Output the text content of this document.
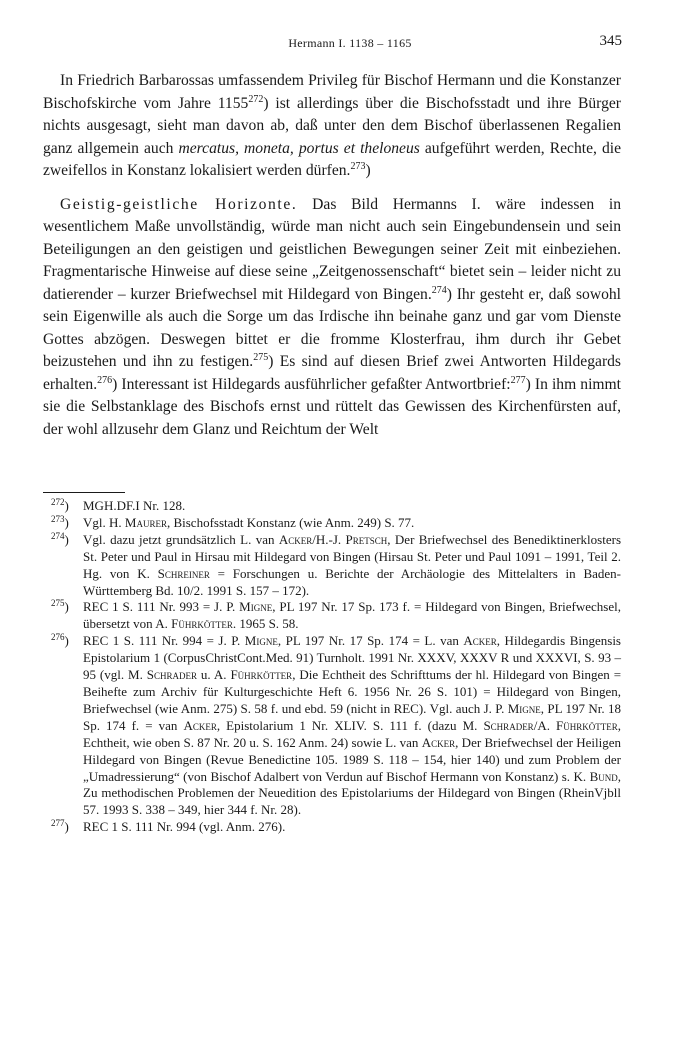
Hermann I. 1138 – 1165	345

In Friedrich Barbarossas umfassendem Privileg für Bischof Hermann und die Konstanzer Bischofskirche vom Jahre 1155$^{272}$) ist allerdings über die Bischofsstadt und ihre Bürger nichts ausgesagt, sieht man davon ab, daß unter den dem Bischof überlassenen Regalien ganz allgemein auch mercatus, moneta, portus et theloneus aufgeführt werden, Rechte, die zweifellos in Konstanz lokalisiert werden dürfen.$^{273}$)

Geistig-geistliche Horizonte. Das Bild Hermanns I. wäre indessen in wesentlichem Maße unvollständig, würde man nicht auch sein Eingebundensein und sein Beteiligungen an den geistigen und geistlichen Bewegungen seiner Zeit mit einbeziehen. Fragmentarische Hinweise auf diese seine „Zeitgenossenschaft“ bietet sein – leider nicht zu datierender – kurzer Briefwechsel mit Hildegard von Bingen.$^{274}$) Ihr gesteht er, daß sowohl sein Eigenwille als auch die Sorge um das Irdische ihn beinahe ganz und gar vom Dienste Gottes abzögen. Deswegen bittet er die fromme Klosterfrau, ihm durch ihr Gebet beizustehen und ihn zu festigen.$^{275}$) Es sind auf diesen Brief zwei Antworten Hildegards erhalten.$^{276}$) Interessant ist Hildegards ausführlicher gefaßter Antwortbrief:$^{277}$) In ihm nimmt sie die Selbstanklage des Bischofs ernst und rüttelt das Gewissen des Kirchenfürsten auf, der wohl allzusehr dem Glanz und Reichtum der Welt

$^{272}$) MGH.DF.I Nr. 128.
$^{273}$) Vgl. H. Maurer, Bischofsstadt Konstanz (wie Anm. 249) S. 77.
$^{274}$) Vgl. dazu jetzt grundsätzlich L. van Acker/H.-J. Pretsch, Der Briefwechsel des Benediktinerklosters St. Peter und Paul in Hirsau mit Hildegard von Bingen (Hirsau St. Peter und Paul 1091 – 1991, Teil 2. Hg. von K. Schreiner = Forschungen u. Berichte der Archäologie des Mittelalters in Baden-Württemberg Bd. 10/2. 1991 S. 157 – 172).
$^{275}$) REC 1 S. 111 Nr. 993 = J. P. Migne, PL 197 Nr. 17 Sp. 173 f. = Hildegard von Bingen, Briefwechsel, übersetzt von A. Führkötter. 1965 S. 58.
$^{276}$) REC 1 S. 111 Nr. 994 = J. P. Migne, PL 197 Nr. 17 Sp. 174 = L. van Acker, Hildegardis Bingensis Epistolarium 1 (CorpusChristCont.Med. 91) Turnholt. 1991 Nr. XXXV, XXXV R und XXXVI, S. 93 – 95 (vgl. M. Schrader u. A. Führkötter, Die Echtheit des Schrifttums der hl. Hildegard von Bingen = Beihefte zum Archiv für Kulturgeschichte Heft 6. 1956 Nr. 26 S. 101) = Hildegard von Bingen, Briefwechsel (wie Anm. 275) S. 58 f. und ebd. 59 (nicht in REC). Vgl. auch J. P. Migne, PL 197 Nr. 18 Sp. 174 f. = van Acker, Epistolarium 1 Nr. XLIV. S. 111 f. (dazu M. Schrader/A. Führkötter, Echtheit, wie oben S. 87 Nr. 20 u. S. 162 Anm. 24) sowie L. van Acker, Der Briefwechsel der Heiligen Hildegard von Bingen (Revue Benedictine 105. 1989 S. 118 – 154, hier 140) und zum Problem der „Umadressierung“ (von Bischof Adalbert von Verdun auf Bischof Hermann von Konstanz) s. K. Bund, Zu methodischen Problemen der Neuedition des Epistolariums der Hildegard von Bingen (RheinVjbll 57. 1993 S. 338 – 349, hier 344 f. Nr. 28).
$^{277}$) REC 1 S. 111 Nr. 994 (vgl. Anm. 276).
